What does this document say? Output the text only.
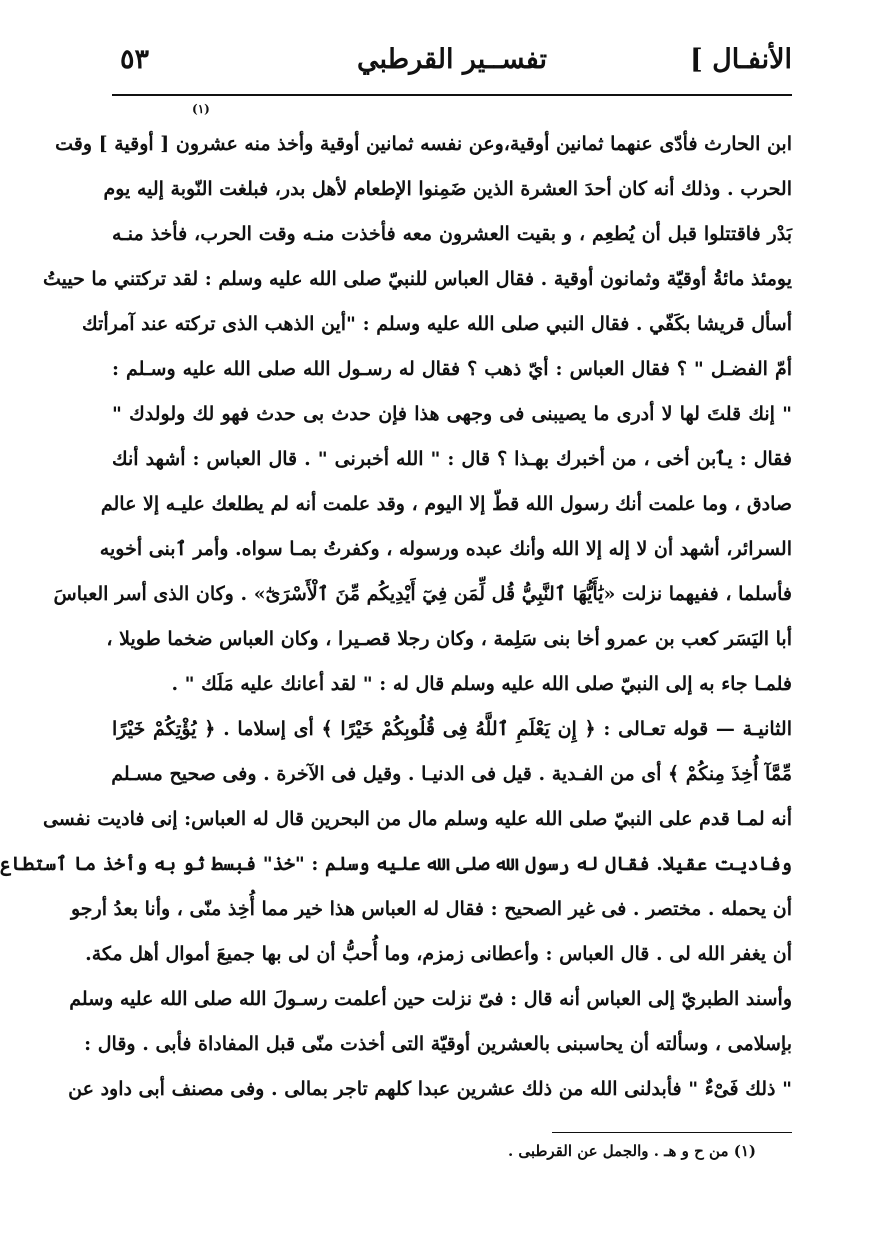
الأنفـال ]
تفســير القرطبي
٥٣
(١)
ابن الحارث فأدّى عنهما ثمانين أوقية،وعن نفسه ثمانين أوقية وأخذ منه عشرون [ أوقية ] وقت
الحرب . وذلك أنه كان أحدَ العشرة الذين ضَمِنوا الإطعام لأهل بدر، فبلغت النّوبة إليه يوم
بَدْر فاقتتلوا قبل أن يُطعِم ، و بقيت العشرون معه فأخذت منـه وقت الحرب، فأخذ منـه
يومئذ مائةُ أوقيّة وثمانون أوقية . فقال العباس للنبيّ صلى الله عليه وسلم : لقد تركتني ما حييتُ
أسأل قريشا بكَفّي . فقال النبي صلى الله عليه وسلم : "أين الذهب الذى تركته عند آمرأتك
أمّ الفضـل " ؟ فقال العباس : أيّ ذهب ؟ فقال له رسـول الله صلى الله عليه وسـلم :
" إنك قلتَ لها لا أدرى ما يصيبنى فى وجهى هذا فإن حدث بى حدث فهو لك ولولدك "
فقال : يٱبن أخى ، من أخبرك بهـذا ؟ قال : " الله أخبرنى " . قال العباس : أشهد أنك
صادق ، وما علمت أنك رسول الله قطّ إلا اليوم ، وقد علمت أنه لم يطلعك عليـه إلا عالم
السرائر، أشهد أن لا إله إلا الله وأنك عبده ورسوله ، وكفرتُ بمـا سواه. وأمر ٱبنى أخويه
فأسلما ، ففيهما نزلت «يَٰأَيُّهَا ٱلنَّبِيُّ قُل لِّمَن فِيٓ أَيْدِيكُم مِّنَ ٱلْأَسْرَىٰٓ» . وكان الذى أسر العباسَ
أبا اليَسَر كعب بن عمرو أخا بنى سَلِمة ، وكان رجلا قصـيرا ، وكان العباس ضخما طويلا ،
فلمـا جاء به إلى النبيّ صلى الله عليه وسلم قال له : " لقد أعانك عليه مَلَك " .
الثانيـة — قوله تعـالى : ﴿ إِن يَعْلَمِ ٱللَّهُ فِى قُلُوبِكُمْ خَيْرًا ﴾ أى إسلاما . ﴿ يُؤْتِكُمْ خَيْرًا
مِّمَّآ أُخِذَ مِنكُمْ ﴾ أى من الفـدية . قيل فى الدنيـا . وقيل فى الآخرة . وفى صحيح مسـلم
أنه لمـا قدم على النبيّ صلى الله عليه وسلم مال من البحرين قال له العباس: إنى فاديت نفسى
وفاديت عقيلا. فقال له رسول الله صلى الله عليه وسلم : "خذ" فبسط ثو به وأخذ ما ٱستطاع
أن يحمله . مختصر . فى غير الصحيح : فقال له العباس هذا خير مما أُخِذ منّى ، وأنا بعدُ أرجو
أن يغفر الله لى . قال العباس : وأعطانى زمزم، وما أُحبُّ أن لى بها جميعَ أموال أهل مكة.
وأسند الطبريّ إلى العباس أنه قال : فىّ نزلت حين أعلمت رسـولَ الله صلى الله عليه وسلم
بإسلامى ، وسألته أن يحاسبنى بالعشرين أوقيّة التى أخذت منّى قبل المفاداة فأبى . وقال :
" ذلك فَىْءٌ " فأبدلنى الله من ذلك عشرين عبدا كلهم تاجر بمالى . وفى مصنف أبى داود عن
(١) من ح و هـ . والجمل عن القرطبى .
